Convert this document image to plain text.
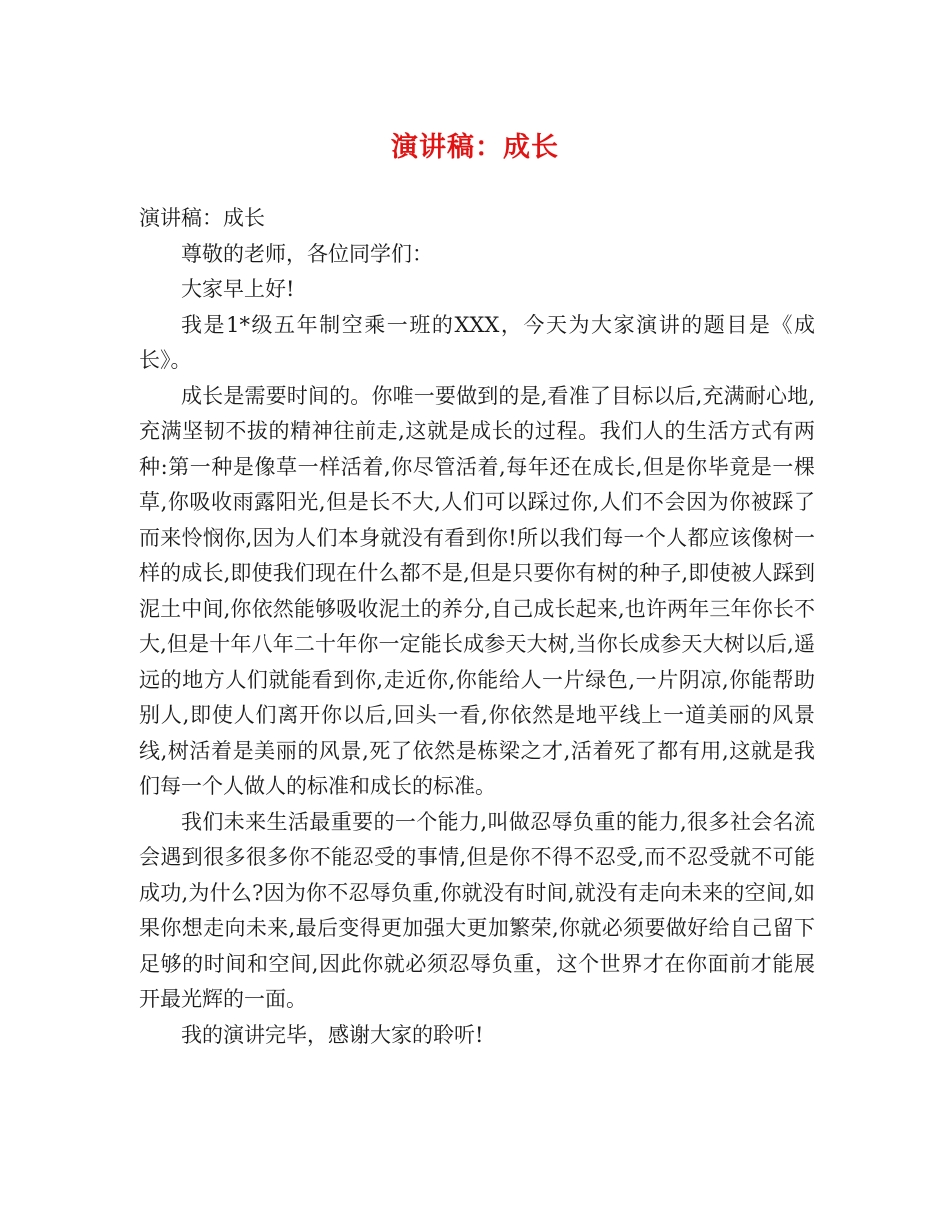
演讲稿：成长

演讲稿：成长

尊敬的老师，各位同学们：

大家早上好!

我是1*级五年制空乘一班的XXX，今天为大家演讲的题目是《成长》。

成长是需要时间的。你唯一要做到的是,看准了目标以后,充满耐心地,充满坚韧不拔的精神往前走,这就是成长的过程。我们人的生活方式有两种:第一种是像草一样活着,你尽管活着,每年还在成长,但是你毕竟是一棵草,你吸收雨露阳光,但是长不大,人们可以踩过你,人们不会因为你被踩了而来怜悯你,因为人们本身就没有看到你!所以我们每一个人都应该像树一样的成长,即使我们现在什么都不是,但是只要你有树的种子,即使被人踩到泥土中间,你依然能够吸收泥土的养分,自己成长起来,也许两年三年你长不大,但是十年八年二十年你一定能长成参天大树,当你长成参天大树以后,遥远的地方人们就能看到你,走近你,你能给人一片绿色,一片阴凉,你能帮助别人,即使人们离开你以后,回头一看,你依然是地平线上一道美丽的风景线,树活着是美丽的风景,死了依然是栋梁之才,活着死了都有用,这就是我们每一个人做人的标准和成长的标准。

我们未来生活最重要的一个能力,叫做忍辱负重的能力,很多社会名流会遇到很多很多你不能忍受的事情,但是你不得不忍受,而不忍受就不可能成功,为什么?因为你不忍辱负重,你就没有时间,就没有走向未来的空间,如果你想走向未来,最后变得更加强大更加繁荣,你就必须要做好给自己留下足够的时间和空间,因此你就必须忍辱负重，这个世界才在你面前才能展开最光辉的一面。

我的演讲完毕，感谢大家的聆听!
